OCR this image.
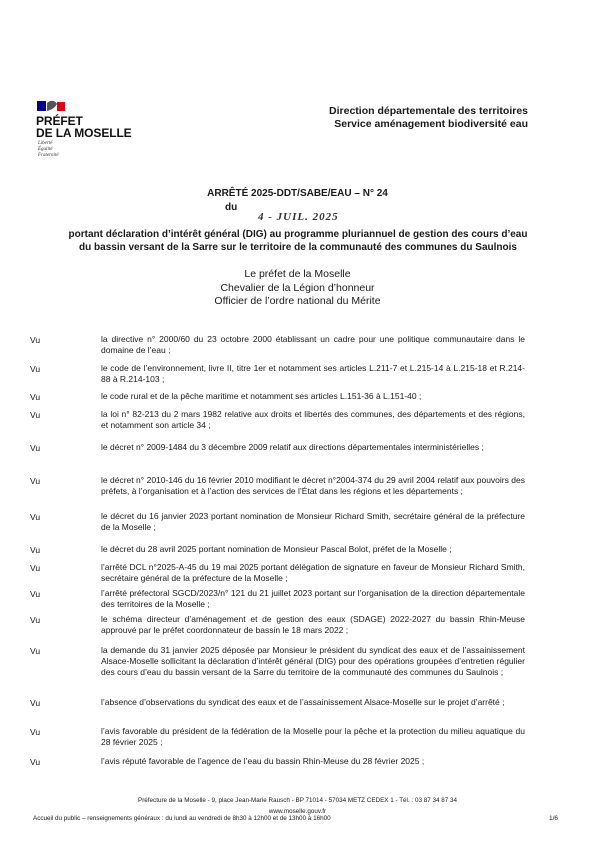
PRÉFET
DE LA MOSELLE
Liberté
Égalité
Fraternité
Direction départementale des territoires
Service aménagement biodiversité eau
ARRÊTÉ 2025-DDT/SABE/EAU – N° 24
du
4 - JUIL. 2025
portant déclaration d’intérêt général (DIG) au programme pluriannuel de gestion des cours d’eau
du bassin versant de la Sarre sur le territoire de la communauté des communes du Saulnois
Le préfet de la Moselle
Chevalier de la Légion d’honneur
Officier de l’ordre national du Mérite
Vu	la directive n° 2000/60 du 23 octobre 2000 établissant un cadre pour une politique communautaire dans le domaine de l’eau ;
Vu	le code de l’environnement, livre II, titre 1er et notamment ses articles L.211-7 et L.215-14 à L.215-18 et R.214-88 à R.214-103 ;
Vu	le code rural et de la pêche maritime et notamment ses articles L.151-36 à L.151-40 ;
Vu	la loi n° 82-213 du 2 mars 1982 relative aux droits et libertés des communes, des départements et des régions, et notamment son article 34 ;
Vu	le décret n° 2009-1484 du 3 décembre 2009 relatif aux directions départementales interministérielles ;
Vu	le décret n° 2010-146 du 16 février 2010 modifiant le décret n°2004-374 du 29 avril 2004 relatif aux pouvoirs des préfets, à l’organisation et à l’action des services de l’État dans les régions et les départements ;
Vu	le décret du 16 janvier 2023 portant nomination de Monsieur Richard Smith, secrétaire général de la préfecture de la Moselle ;
Vu	le décret du 28 avril 2025 portant nomination de Monsieur Pascal Bolot, préfet de la Moselle ;
Vu	l’arrêté DCL n°2025-A-45 du 19 mai 2025 portant délégation de signature en faveur de Monsieur Richard Smith, secrétaire général de la préfecture de la Moselle ;
Vu	l’arrêté préfectoral SGCD/2023/n° 121 du 21 juillet 2023 portant sur l’organisation de la direction départementale des territoires de la Moselle ;
Vu	le schéma directeur d’aménagement et de gestion des eaux (SDAGE) 2022-2027 du bassin Rhin-Meuse approuvé par le préfet coordonnateur de bassin le 18 mars 2022 ;
Vu	la demande du 31 janvier 2025 déposée par Monsieur le président du syndicat des eaux et de l’assainissement Alsace-Moselle sollicitant la déclaration d’intérêt général (DIG) pour des opérations groupées d’entretien régulier des cours d’eau du bassin versant de la Sarre du territoire de la communauté des communes du Saulnois ;
Vu	l’absence d’observations du syndicat des eaux et de l’assainissement Alsace-Moselle sur le projet d’arrêté ;
Vu	l’avis favorable du président de la fédération de la Moselle pour la pêche et la protection du milieu aquatique du 28 février 2025 ;
Vu	l’avis réputé favorable de l’agence de l’eau du bassin Rhin-Meuse du 28 février 2025 ;
Préfecture de la Moselle - 9, place Jean-Marie Rausch - BP 71014 - 57034 METZ CEDEX 1 - Tél. : 03 87 34 87 34
www.moselle.gouv.fr
Accueil du public – renseignements généraux : du lundi au vendredi de 8h30 à 12h00 et de 13h00 à 16h00	1/6
